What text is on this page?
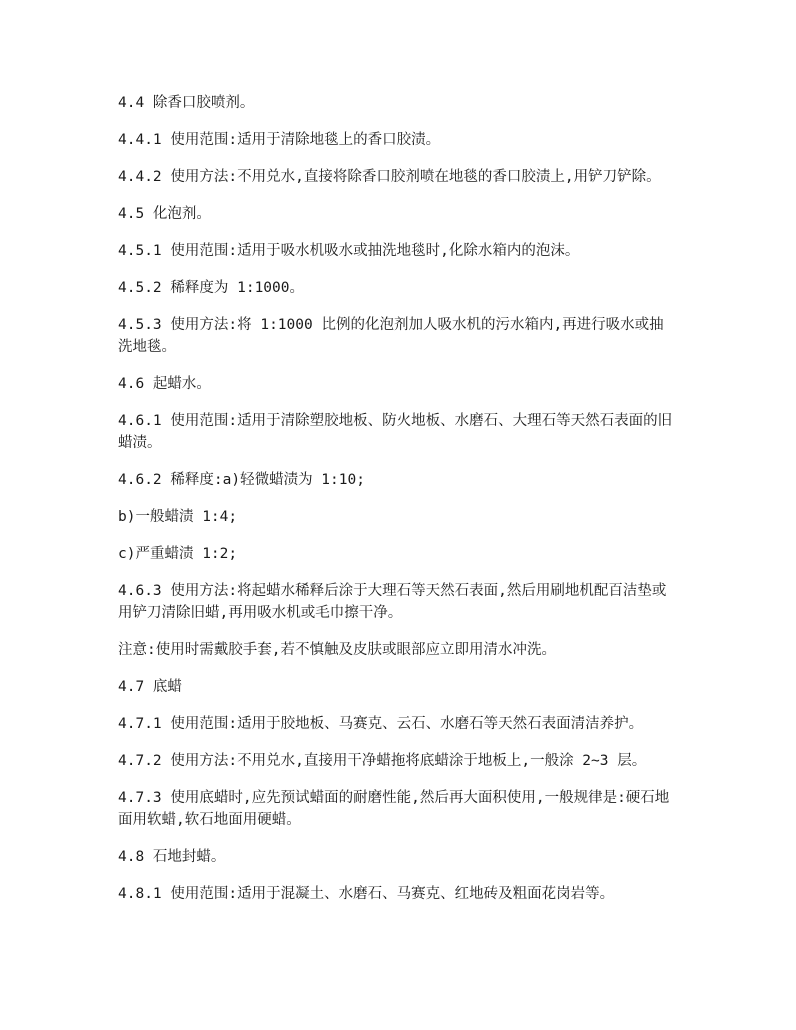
4.4 除香口胶喷剂。

4.4.1 使用范围:适用于清除地毯上的香口胶渍。

4.4.2 使用方法:不用兑水,直接将除香口胶剂喷在地毯的香口胶渍上,用铲刀铲除。

4.5 化泡剂。

4.5.1 使用范围:适用于吸水机吸水或抽洗地毯时,化除水箱内的泡沫。

4.5.2 稀释度为 1:1000。

4.5.3 使用方法:将 1:1000 比例的化泡剂加人吸水机的污水箱内,再进行吸水或抽洗地毯。

4.6 起蜡水。

4.6.1 使用范围:适用于清除塑胶地板、防火地板、水磨石、大理石等天然石表面的旧蜡渍。

4.6.2 稀释度:a)轻微蜡渍为 1:10;

b)一般蜡渍 1:4;

c)严重蜡渍 1:2;

4.6.3 使用方法:将起蜡水稀释后涂于大理石等天然石表面,然后用刷地机配百洁垫或用铲刀清除旧蜡,再用吸水机或毛巾擦干净。

注意:使用时需戴胶手套,若不慎触及皮肤或眼部应立即用清水冲洗。

4.7 底蜡

4.7.1 使用范围:适用于胶地板、马赛克、云石、水磨石等天然石表面清洁养护。

4.7.2 使用方法:不用兑水,直接用干净蜡拖将底蜡涂于地板上,一般涂 2~3 层。

4.7.3 使用底蜡时,应先预试蜡面的耐磨性能,然后再大面积使用,一般规律是:硬石地面用软蜡,软石地面用硬蜡。

4.8 石地封蜡。

4.8.1 使用范围:适用于混凝土、水磨石、马赛克、红地砖及粗面花岗岩等。
